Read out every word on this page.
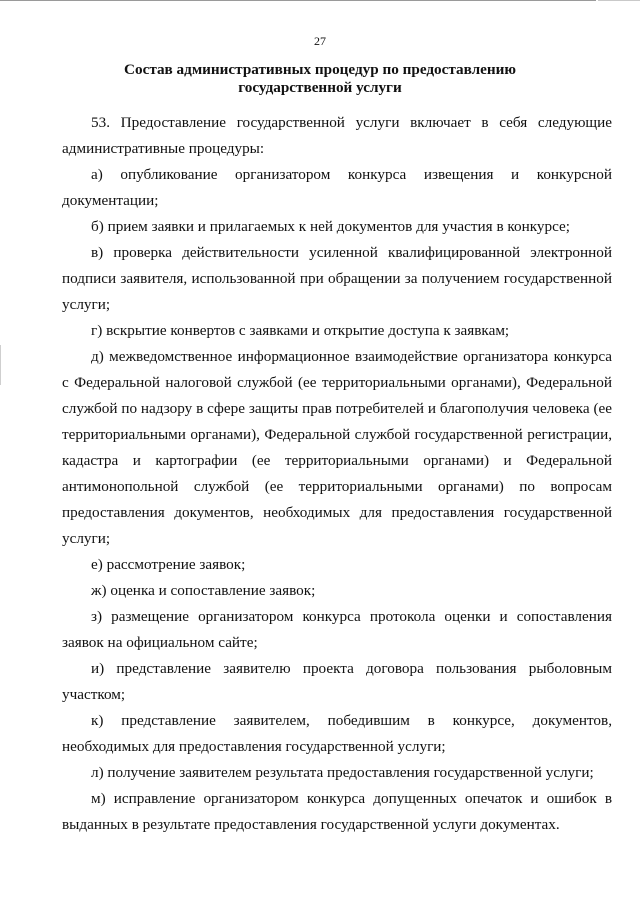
27
Состав административных процедур по предоставлению
государственной услуги

53. Предоставление государственной услуги включает в себя следующие административные процедуры:

а) опубликование организатором конкурса извещения и конкурсной документации;

б) прием заявки и прилагаемых к ней документов для участия в конкурсе;

в) проверка действительности усиленной квалифицированной электронной подписи заявителя, использованной при обращении за получением государственной услуги;

г) вскрытие конвертов с заявками и открытие доступа к заявкам;

д) межведомственное информационное взаимодействие организатора конкурса с Федеральной налоговой службой (ее территориальными органами), Федеральной службой по надзору в сфере защиты прав потребителей и благополучия человека (ее территориальными органами), Федеральной службой государственной регистрации, кадастра и картографии (ее территориальными органами) и Федеральной антимонопольной службой (ее территориальными органами) по вопросам предоставления документов, необходимых для предоставления государственной услуги;

е) рассмотрение заявок;

ж) оценка и сопоставление заявок;

з) размещение организатором конкурса протокола оценки и сопоставления заявок на официальном сайте;

и) представление заявителю проекта договора пользования рыболовным участком;

к) представление заявителем, победившим в конкурсе, документов, необходимых для предоставления государственной услуги;

л) получение заявителем результата предоставления государственной услуги;

м) исправление организатором конкурса допущенных опечаток и ошибок в выданных в результате предоставления государственной услуги документах.
